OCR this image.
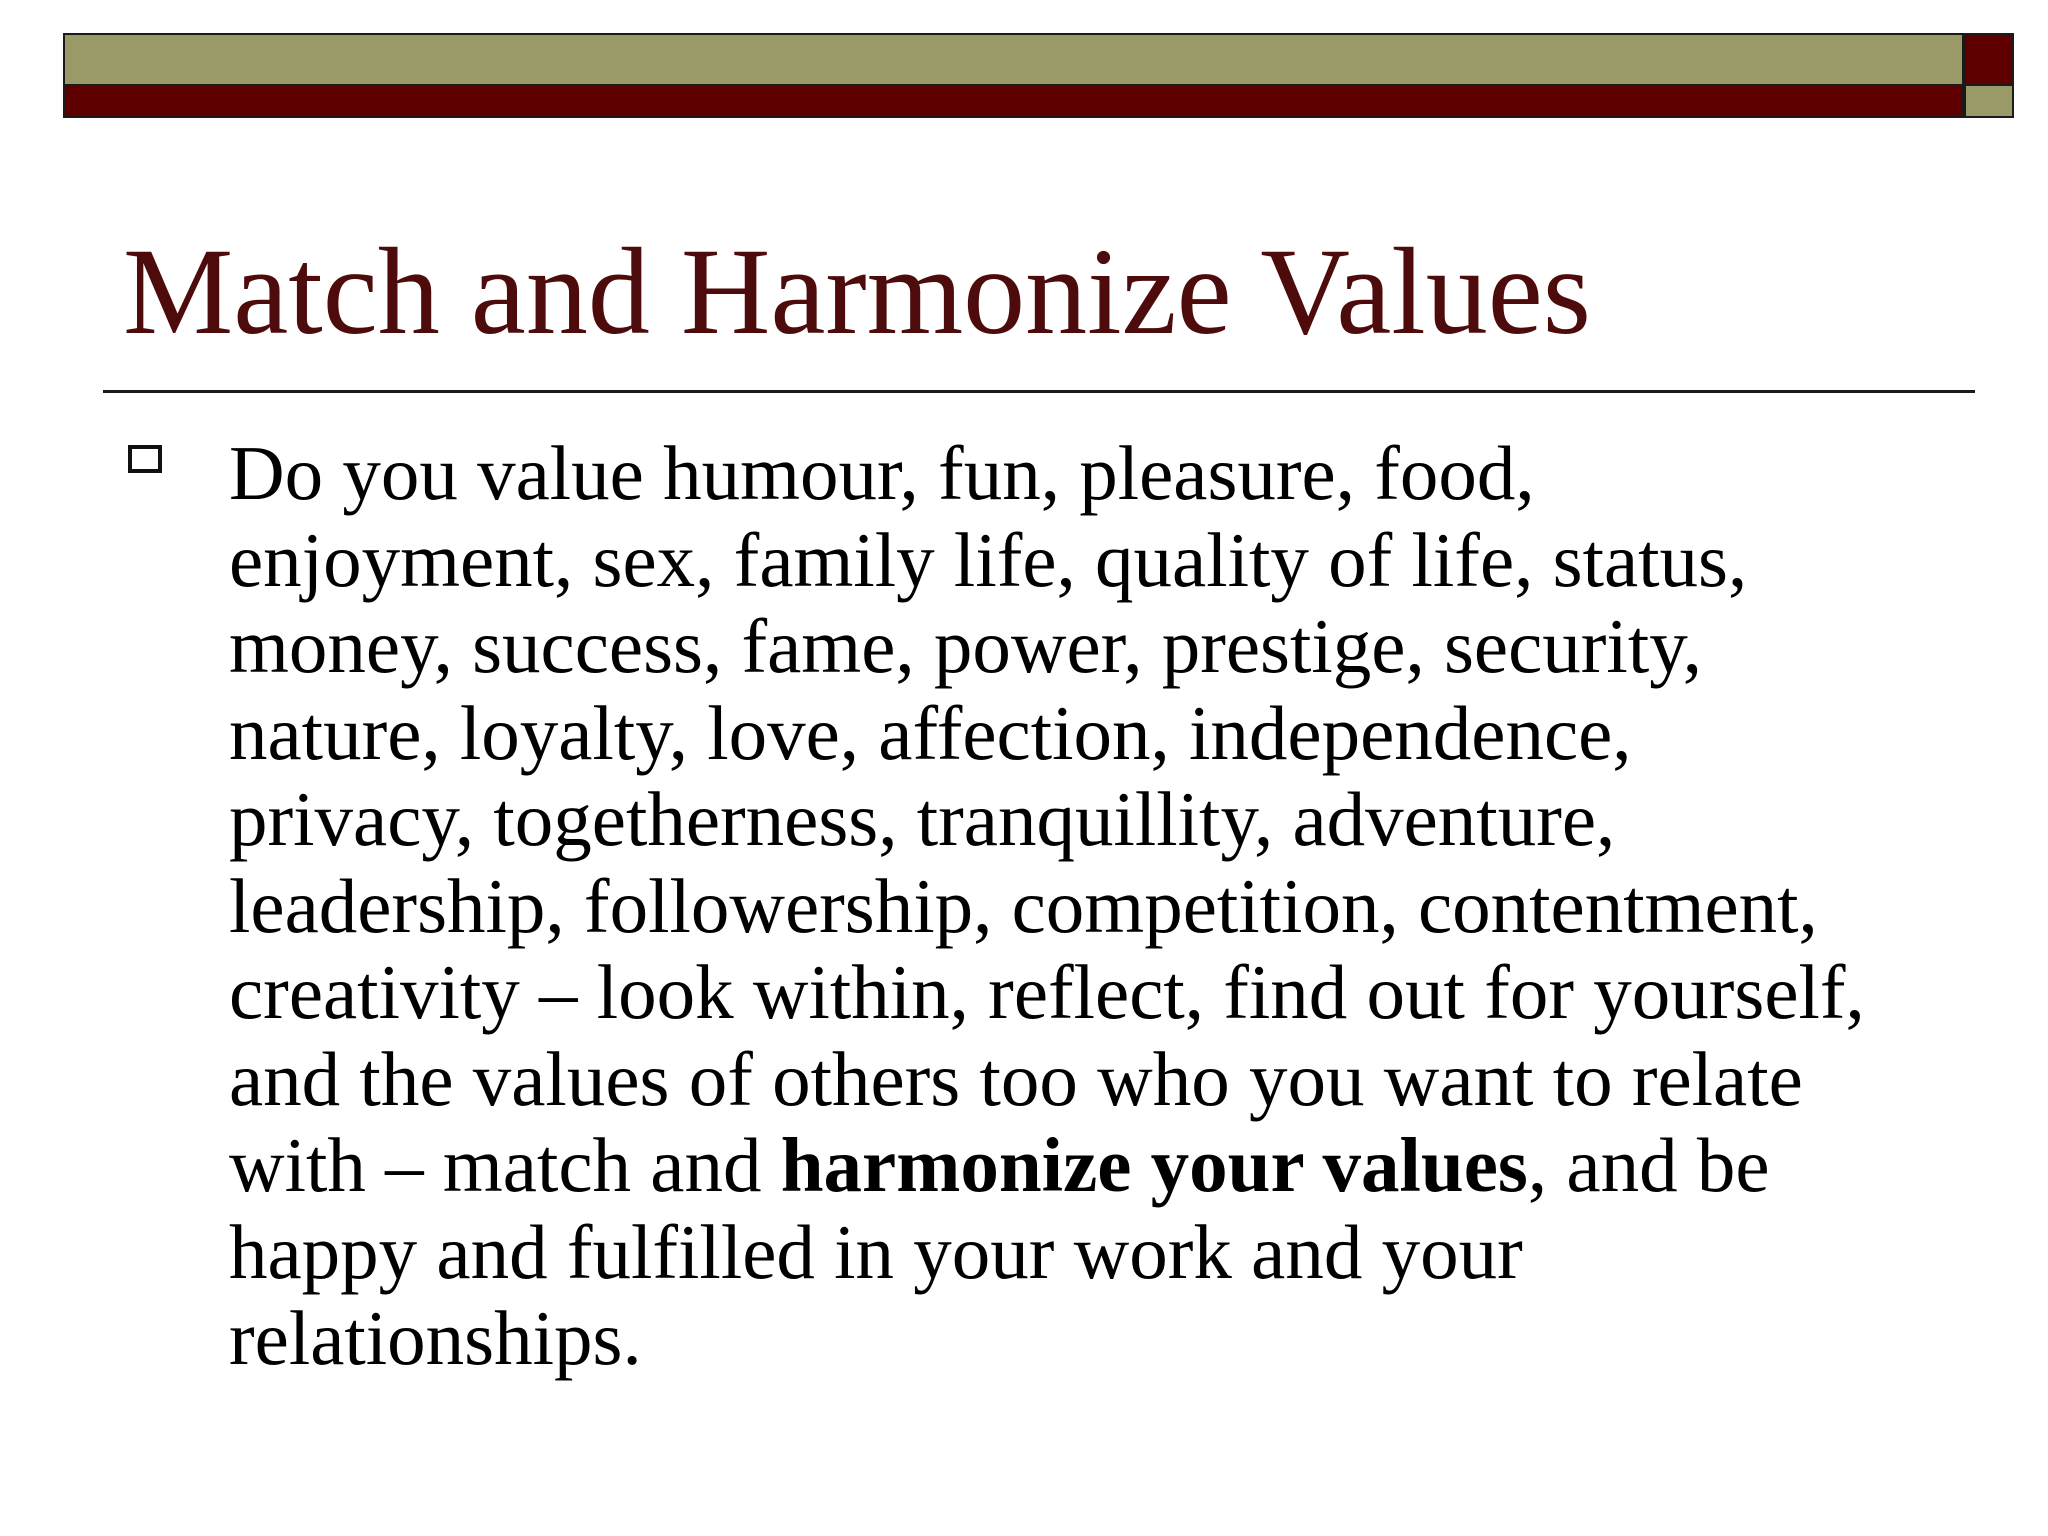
Match and Harmonize Values

Do you value humour, fun, pleasure, food,
enjoyment, sex, family life, quality of life, status,
money, success, fame, power, prestige, security,
nature, loyalty, love, affection, independence,
privacy, togetherness, tranquillity, adventure,
leadership, followership, competition, contentment,
creativity – look within, reflect, find out for yourself,
and the values of others too who you want to relate
with – match and harmonize your values, and be
happy and fulfilled in your work and your
relationships.
